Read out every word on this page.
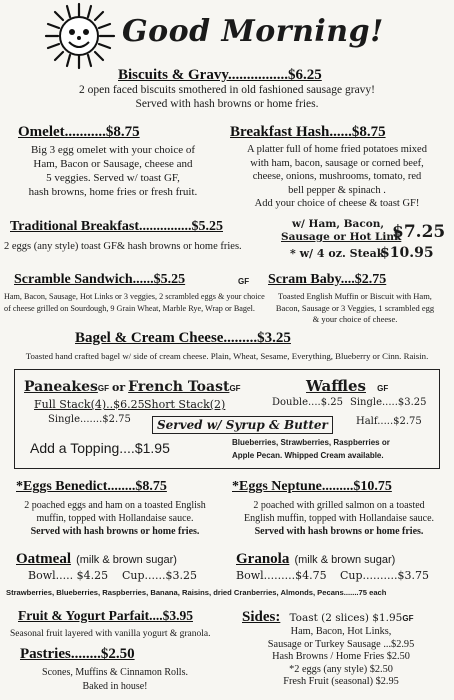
Good Morning!
Biscuits & Gravy................$6.25
2 open faced biscuits smothered in old fashioned sausage gravy!
Served with hash browns or home fries.
Omelet...........$8.75
Big 3 egg omelet with your choice of
Ham, Bacon or Sausage, cheese and
5 veggies. Served w/ toast GF,
hash browns, home fries or fresh fruit.
Breakfast Hash......$8.75
A platter full of home fried potatoes mixed
with ham, bacon, sausage or corned beef,
cheese, onions, mushrooms, tomato, red
bell pepper & spinach .
Add your choice of cheese & toast GF!
Traditional Breakfast...............$5.25
2 eggs (any style) toast GF& hash browns or home fries.
w/ Ham, Bacon,
Sausage or Hot Link
$7.25
* w/ 4 oz. Steak
$10.95
Scramble Sandwich......$5.25	GF
Ham, Bacon, Sausage, Hot Links or 3 veggies, 2 scrambled eggs & your choice
of cheese grilled on Sourdough, 9 Grain Wheat, Marble Rye, Wrap or Bagel.
Scram Baby....$2.75
Toasted English Muffin or Biscuit with Ham,
Bacon, Sausage or 3 Veggies, 1 scrambled egg
& your choice of cheese.
Bagel & Cream Cheese.........$3.25
Toasted hand crafted bagel w/ side of cream cheese. Plain, Wheat, Sesame, Everything, Blueberry or Cinn. Raisin.
PaneakesGF or French ToastGF
Full Stack(4)..$6.25 Short Stack(2)
Single.......$2.75	Served w/ Syrup & Butter
Add a Topping....$1.95	Blueberries, Strawberries, Raspberries or
Apple Pecan. Whipped Cream available.
Waffles GF
Double....$.25 Single.....$3.25
Half.....$2.75
*Eggs Benedict........$8.75
2 poached eggs and ham on a toasted English
muffin, topped with Hollandaise sauce.
Served with hash browns or home fries.
*Eggs Neptune.........$10.75
2 poached with grilled salmon on a toasted
English muffin, topped with Hollandaise sauce.
Served with hash browns or home fries.
Oatmeal (milk & brown sugar)
Bowl..... $4.25 Cup......$3.25
Granola (milk & brown sugar)
Bowl.........$4.75 Cup..........$3.75
Strawberries, Blueberries, Raspberries, Banana, Raisins, dried Cranberries, Almonds, Pecans.......75 each
Fruit & Yogurt Parfait....$3.95
Seasonal fruit layered with vanilla yogurt & granola.
Pastries........$2.50
Scones, Muffins & Cinnamon Rolls.
Baked in house!
Sides: Toast (2 slices) $1.95GF
Ham, Bacon, Hot Links,
Sausage or Turkey Sausage ...$2.95
Hash Browns / Home Fries $2.50
*2 eggs (any style) $2.50
Fresh Fruit (seasonal) $2.95
